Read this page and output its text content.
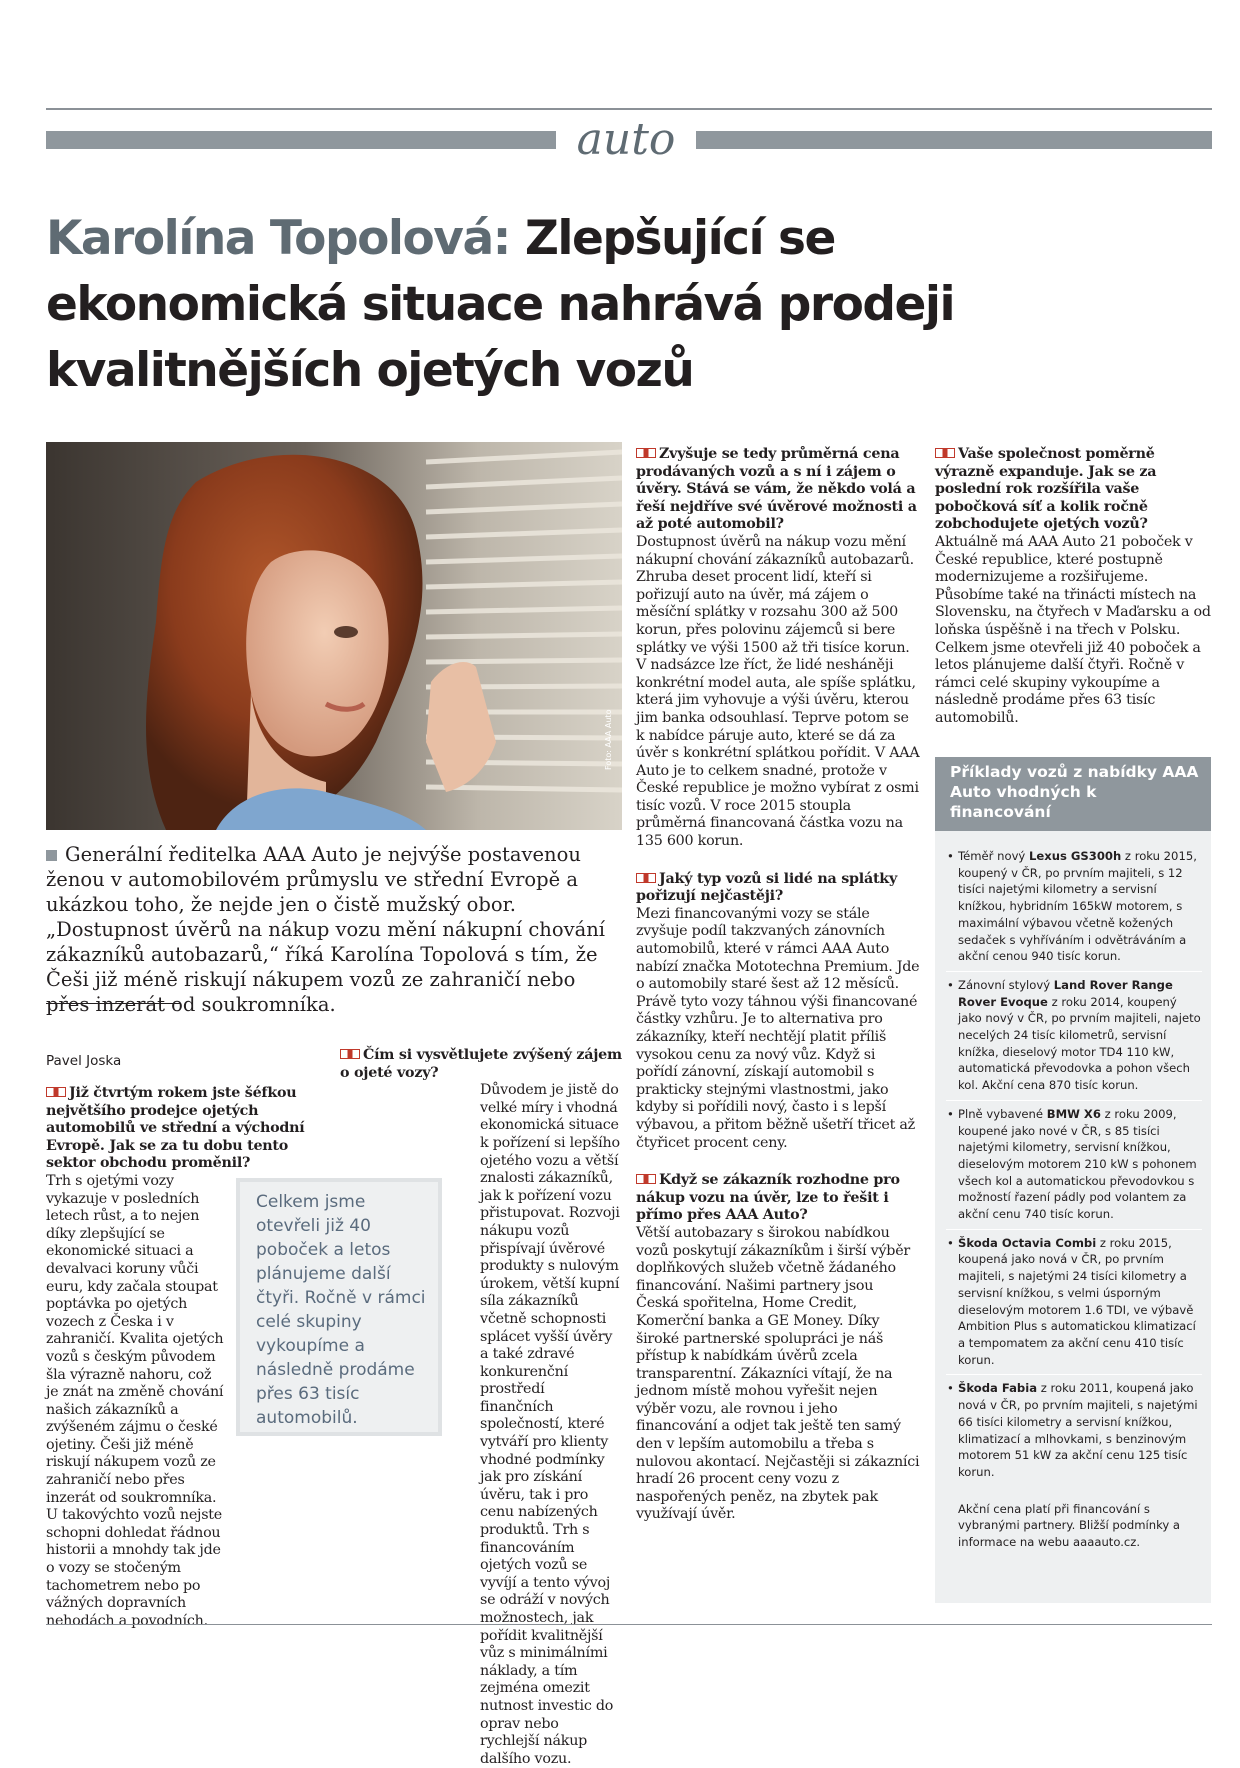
auto
Karolína Topolová: Zlepšující se
ekonomická situace nahrává prodeji
kvalitnějších ojetých vozů
Foto: AAA Auto
Generální ředitelka AAA Auto je nejvýše postavenou ženou v automobilovém průmyslu ve střední Evropě a ukázkou toho, že nejde jen o čistě mužský obor. „Dostupnost úvěrů na nákup vozu mění nákupní chování zákazníků autobazarů,“ říká Karolína Topolová s tím, že Češi již méně riskují nákupem vozů ze zahraničí nebo přes inzerát od soukromníka.
Pavel Joska

Již čtvrtým rokem jste šéfkou největšího prodejce ojetých automobilů ve střední a východní Evropě. Jak se za tu dobu tento sektor obchodu proměnil?

Trh s ojetými vozy vykazuje v posledních letech růst, a to nejen díky zlepšující se ekonomické situaci a devalvaci koruny vůči euru, kdy začala stoupat poptávka po ojetých vozech z Česka i v zahraničí. Kvalita ojetých vozů s českým původem šla výrazně nahoru, což je znát na změně chování našich zákazníků a zvýšeném zájmu o české ojetiny. Češi již méně riskují nákupem vozů ze zahraničí nebo přes inzerát od soukromníka. U takovýchto vozů nejste schopni dohledat řádnou historii a mnohdy tak jde o vozy se stočeným tachometrem nebo po vážných dopravních nehodách a povodních.

Čím si vysvětlujete zvýšený zájem o ojeté vozy?

Důvodem je jistě do velké míry i vhodná ekonomická situace k pořízení si lepšího ojetého vozu a větší znalosti zákazníků, jak k pořízení vozu přistupovat. Rozvoji nákupu vozů přispívají úvěrové produkty s nulovým úrokem, větší kupní síla zákazníků včetně schopnosti splácet vyšší úvěry a také zdravé konkurenční prostředí finančních společností, které vytváří pro klienty vhodné podmínky jak pro získání úvěru, tak i pro cenu nabízených produktů. Trh s financováním ojetých vozů se vyvíjí a tento vývoj se odráží v nových možnostech, jak pořídit kvalitnější vůz s minimálními náklady, a tím zejména omezit nutnost investic do oprav nebo rychlejší nákup dalšího vozu.

Celkem jsme otevřeli již 40 poboček a letos plánujeme další čtyři. Ročně v rámci celé skupiny vykoupíme a následně prodáme přes 63 tisíc automobilů.

Zvyšuje se tedy průměrná cena prodávaných vozů a s ní i zájem o úvěry. Stává se vám, že někdo volá a řeší nejdříve své úvěrové možnosti a až poté automobil?

Dostupnost úvěrů na nákup vozu mění nákupní chování zákazníků autobazarů. Zhruba deset procent lidí, kteří si pořizují auto na úvěr, má zájem o měsíční splátky v rozsahu 300 až 500 korun, přes polovinu zájemců si bere splátky ve výši 1500 až tři tisíce korun. V nadsázce lze říct, že lidé nesháněji konkrétní model auta, ale spíše splátku, která jim vyhovuje a výši úvěru, kterou jim banka odsouhlasí. Teprve potom se k nabídce páruje auto, které se dá za úvěr s konkrétní splátkou pořídit. V AAA Auto je to celkem snadné, protože v České republice je možno vybírat z osmi tisíc vozů. V roce 2015 stoupla průměrná financovaná částka vozu na 135 600 korun.

Jaký typ vozů si lidé na splátky pořizují nejčastěji?

Mezi financovanými vozy se stále zvyšuje podíl takzvaných zánovních automobilů, které v rámci AAA Auto nabízí značka Mototechna Premium. Jde o automobily staré šest až 12 měsíců. Právě tyto vozy táhnou výši financované částky vzhůru. Je to alternativa pro zákazníky, kteří nechtějí platit příliš vysokou cenu za nový vůz. Když si pořídí zánovní, získají automobil s prakticky stejnými vlastnostmi, jako kdyby si pořídili nový, často i s lepší výbavou, a přitom běžně ušetří třicet až čtyřicet procent ceny.

Když se zákazník rozhodne pro nákup vozu na úvěr, lze to řešit i přímo přes AAA Auto?

Větší autobazary s širokou nabídkou vozů poskytují zákazníkům i širší výběr doplňkových služeb včetně žádaného financování. Našimi partnery jsou Česká spořitelna, Home Credit, Komerční banka a GE Money. Díky široké partnerské spolupráci je náš přístup k nabídkám úvěrů zcela transparentní. Zákazníci vítají, že na jednom místě mohou vyřešit nejen výběr vozu, ale rovnou i jeho financování a odjet tak ještě ten samý den v lepším automobilu a třeba s nulovou akontací. Nejčastěji si zákazníci hradí 26 procent ceny vozu z naspořených peněz, na zbytek pak využívají úvěr.

Vaše společnost poměrně výrazně expanduje. Jak se za poslední rok rozšířila vaše pobočková síť a kolik ročně zobchodujete ojetých vozů?

Aktuálně má AAA Auto 21 poboček v České republice, které postupně modernizujeme a rozšiřujeme. Působíme také na třinácti místech na Slovensku, na čtyřech v Maďarsku a od loňska úspěšně i na třech v Polsku. Celkem jsme otevřeli již 40 poboček a letos plánujeme další čtyři. Ročně v rámci celé skupiny vykoupíme a následně prodáme přes 63 tisíc automobilů.

Příklady vozů z nabídky AAA Auto vhodných k financování

• Téměř nový Lexus GS300h z roku 2015, koupený v ČR, po prvním majiteli, s 12 tisíci najetými kilometry a servisní knížkou, hybridním 165kW motorem, s maximální výbavou včetně kožených sedaček s vyhříváním i odvětráváním a akční cenou 940 tisíc korun.

• Zánovní stylový Land Rover Range Rover Evoque z roku 2014, koupený jako nový v ČR, po prvním majiteli, najeto necelých 24 tisíc kilometrů, servisní knížka, dieselový motor TD4 110 kW, automatická převodovka a pohon všech kol. Akční cena 870 tisíc korun.

• Plně vybavené BMW X6 z roku 2009, koupené jako nové v ČR, s 85 tisíci najetými kilometry, servisní knížkou, dieselovým motorem 210 kW s pohonem všech kol a automatickou převodovkou s možností řazení pádly pod volantem za akční cenu 740 tisíc korun.

• Škoda Octavia Combi z roku 2015, koupená jako nová v ČR, po prvním majiteli, s najetými 24 tisíci kilometry a servisní knížkou, s velmi úsporným dieselovým motorem 1.6 TDI, ve výbavě Ambition Plus s automatickou klimatizací a tempomatem za akční cenu 410 tisíc korun.

• Škoda Fabia z roku 2011, koupená jako nová v ČR, po prvním majiteli, s najetými 66 tisíci kilometry a servisní knížkou, klimatizací a mlhovkami, s benzinovým motorem 51 kW za akční cenu 125 tisíc korun.

Akční cena platí při financování s vybranými partnery. Bližší podmínky a informace na webu aaaauto.cz.
